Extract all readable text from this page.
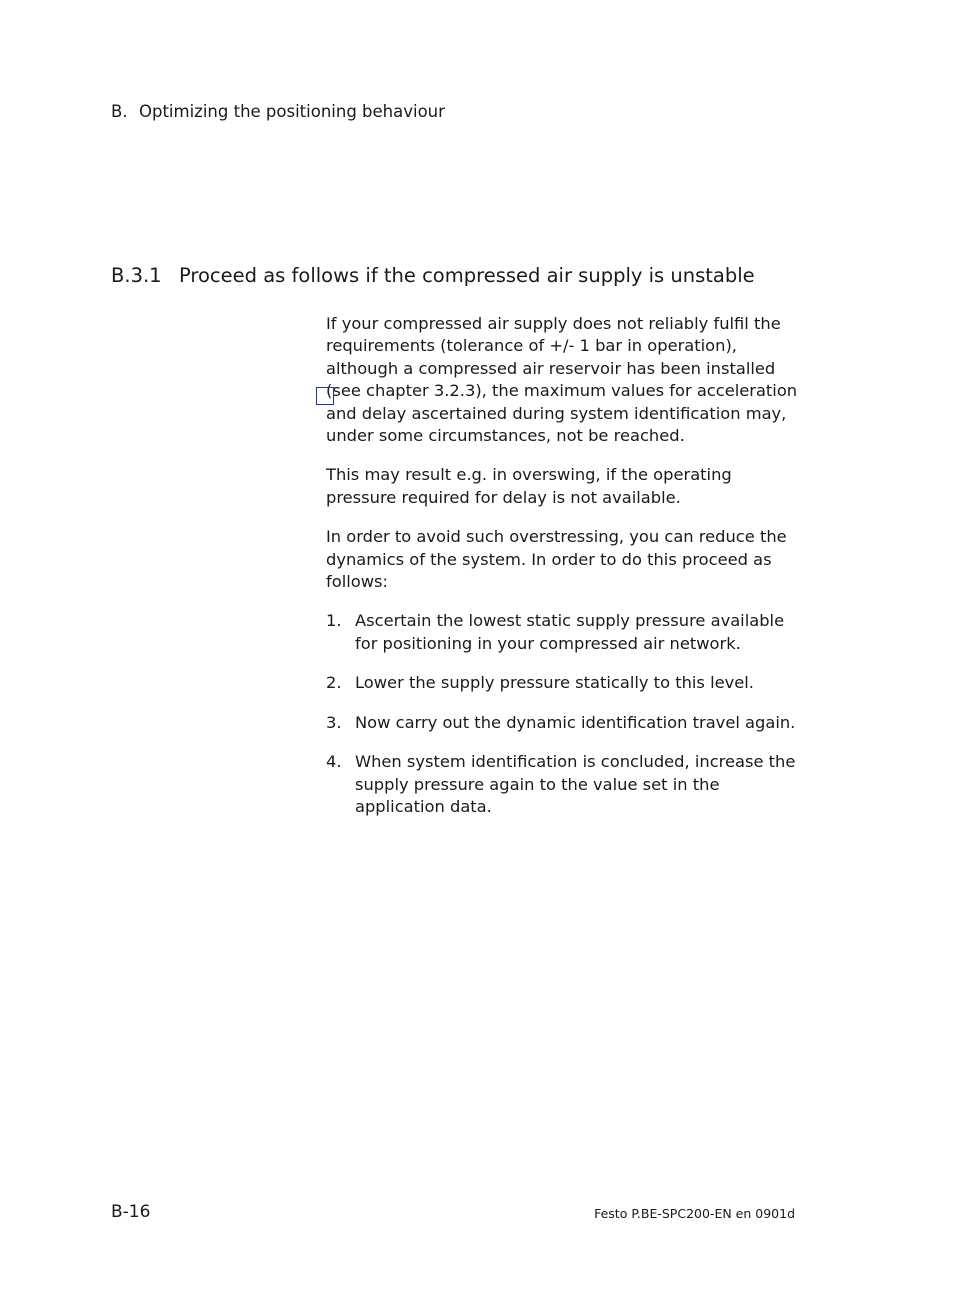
B. Optimizing the positioning behaviour
B.3.1 Proceed as follows if the compressed air supply is unstable

If your compressed air supply does not reliably fulfil the requirements (tolerance of +/- 1 bar in operation), although a compressed air reservoir has been installed (see chapter 3.2.3), the maximum values for acceleration and delay ascertained during system identification may, under some circumstances, not be reached.

This may result e.g. in overswing, if the operating pressure required for delay is not available.

In order to avoid such overstressing, you can reduce the dynamics of the system. In order to do this proceed as follows:

1. Ascertain the lowest static supply pressure available for positioning in your compressed air network.
2. Lower the supply pressure statically to this level.
3. Now carry out the dynamic identification travel again.
4. When system identification is concluded, increase the supply pressure again to the value set in the application data.
B-16	Festo P.BE-SPC200-EN en 0901d
